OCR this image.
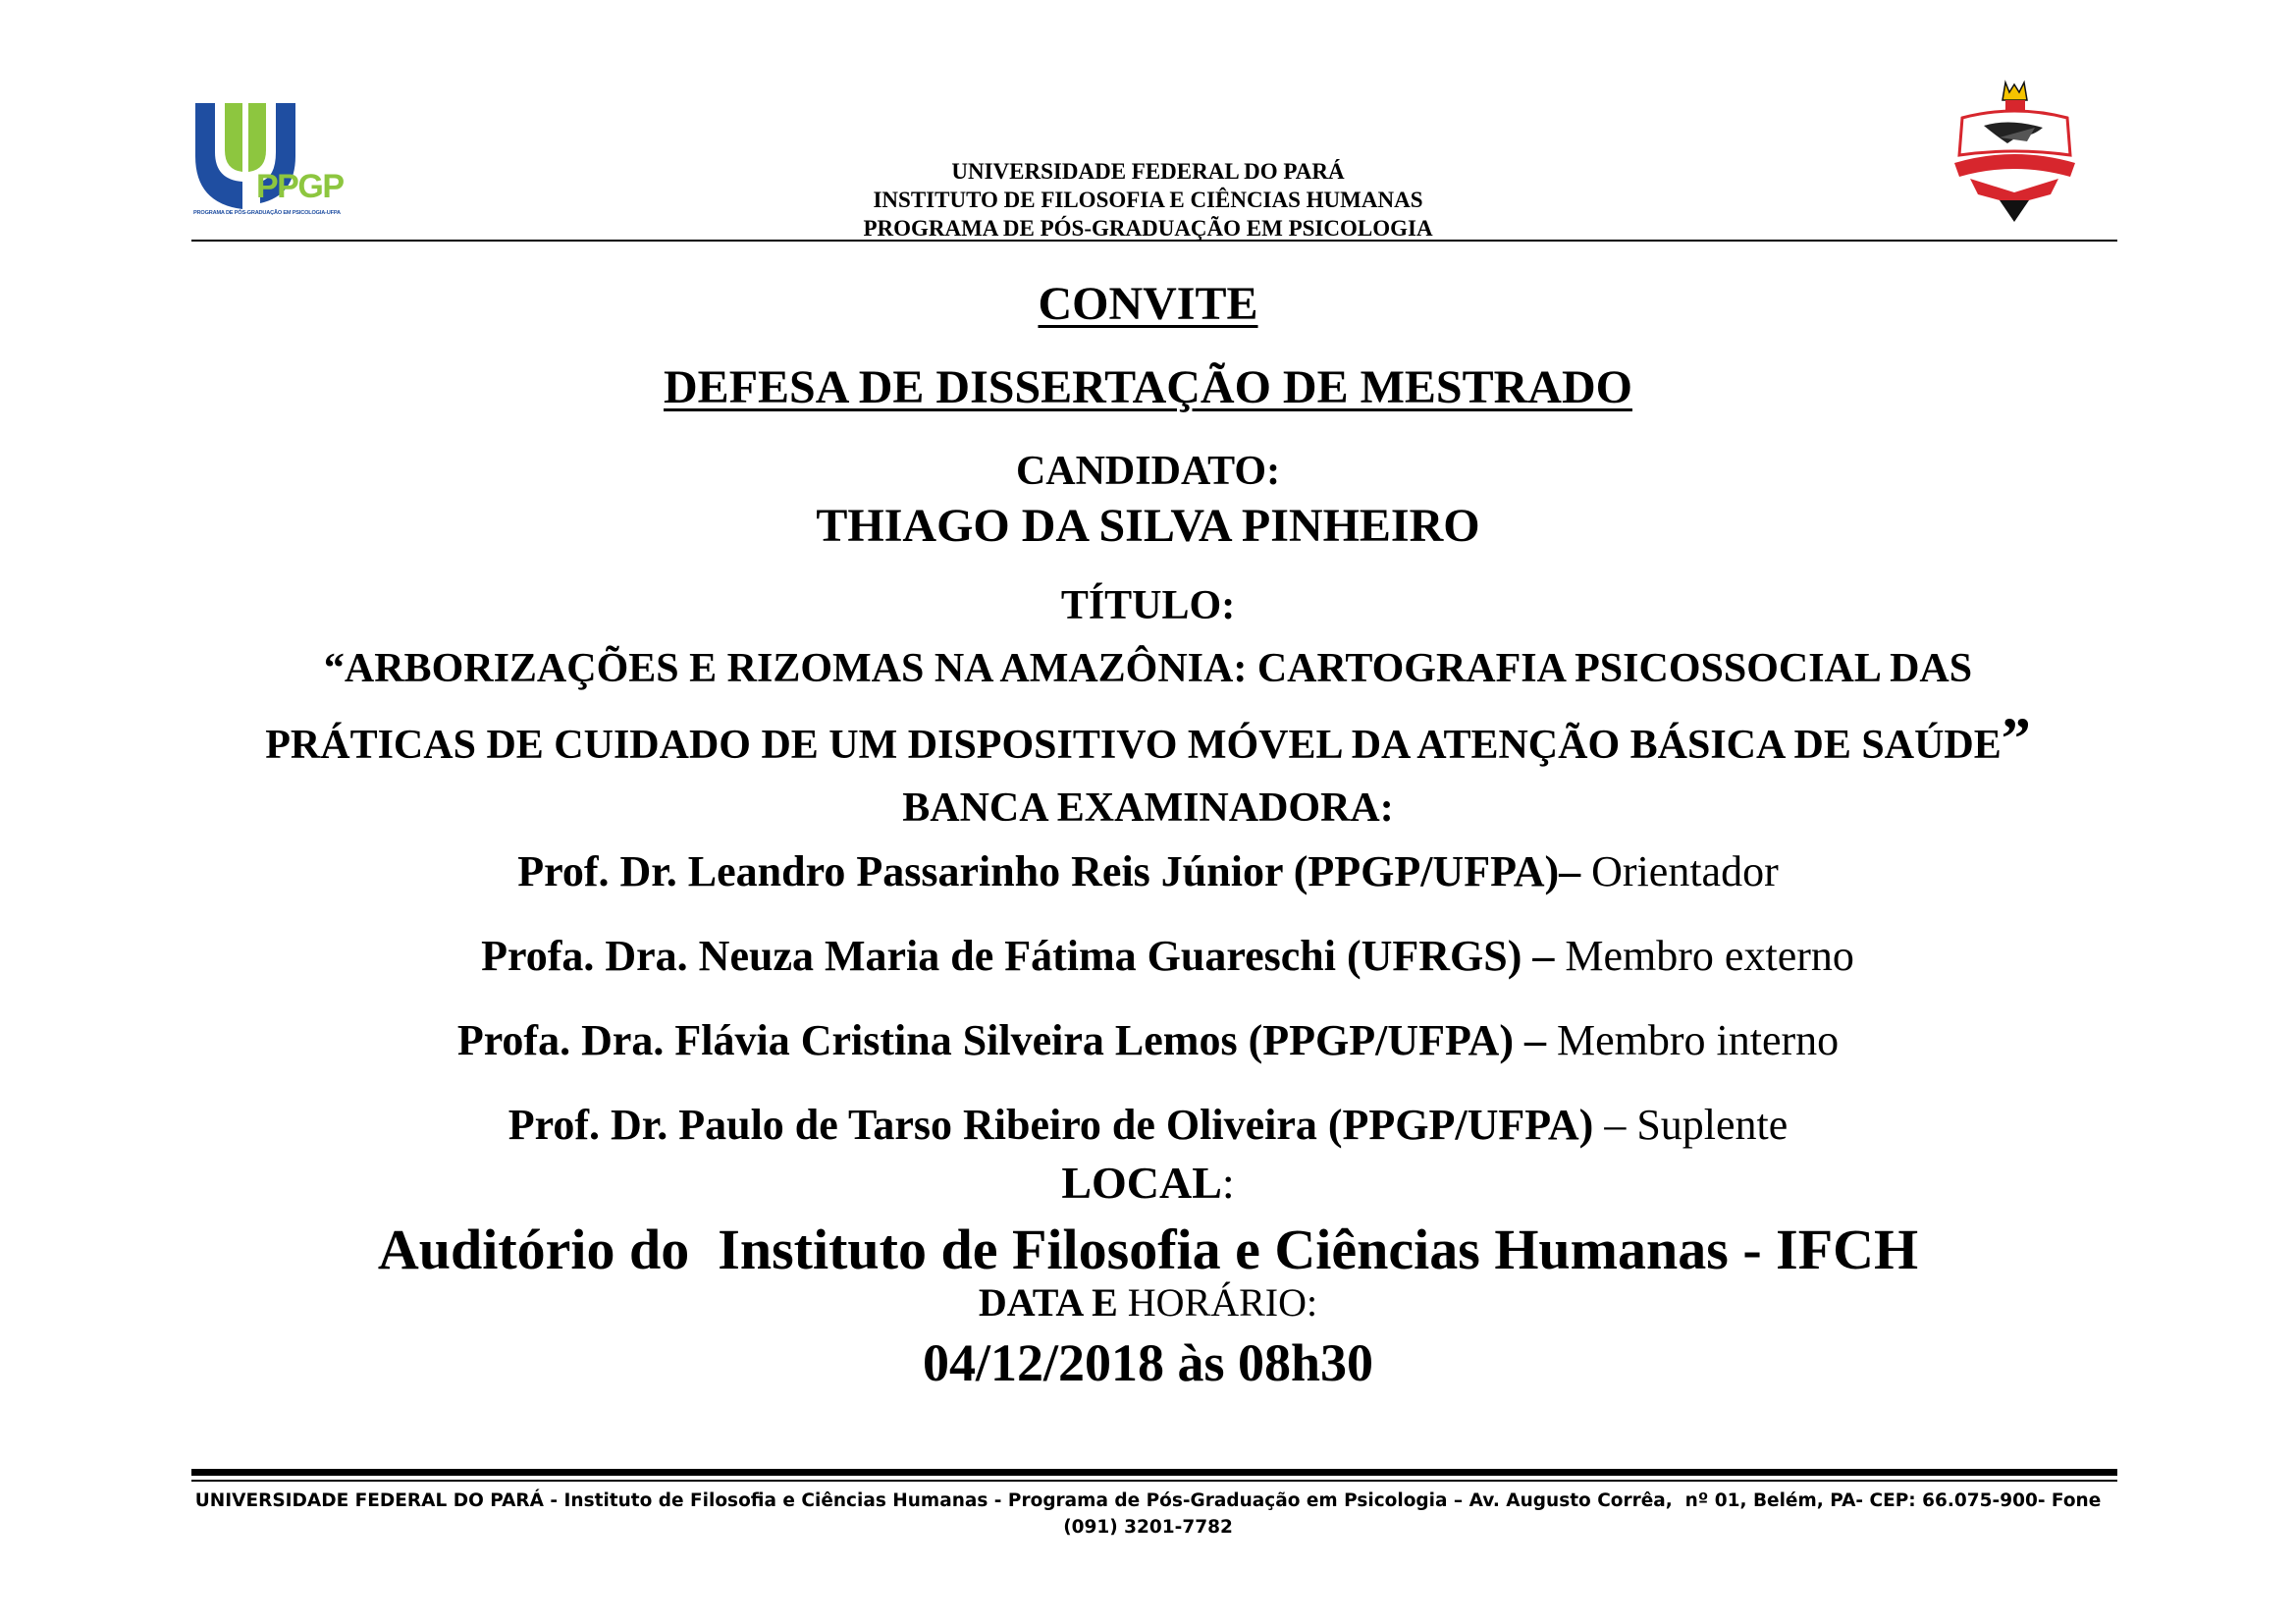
PPGP
PROGRAMA DE PÓS-GRADUAÇÃO EM PSICOLOGIA-UFPA
UNIVERSIDADE FEDERAL DO PARÁ
INSTITUTO DE FILOSOFIA E CIÊNCIAS HUMANAS
PROGRAMA DE PÓS-GRADUAÇÃO EM PSICOLOGIA
CONVITE
DEFESA DE DISSERTAÇÃO DE MESTRADO
CANDIDATO:
THIAGO DA SILVA PINHEIRO
TÍTULO:
“ARBORIZAÇÕES E RIZOMAS NA AMAZÔNIA: CARTOGRAFIA PSICOSSOCIAL DAS
PRÁTICAS DE CUIDADO DE UM DISPOSITIVO MÓVEL DA ATENÇÃO BÁSICA DE SAÚDE”
BANCA EXAMINADORA:
Prof. Dr. Leandro Passarinho Reis Júnior (PPGP/UFPA)– Orientador
Profa. Dra. Neuza Maria de Fátima Guareschi (UFRGS) – Membro externo
Profa. Dra. Flávia Cristina Silveira Lemos (PPGP/UFPA) – Membro interno
Prof. Dr. Paulo de Tarso Ribeiro de Oliveira (PPGP/UFPA) – Suplente
LOCAL:
Auditório do  Instituto de Filosofia e Ciências Humanas - IFCH
DATA E HORÁRIO:
04/12/2018 às 08h30
UNIVERSIDADE FEDERAL DO PARÁ - Instituto de Filosofia e Ciências Humanas - Programa de Pós-Graduação em Psicologia – Av. Augusto Corrêa,  nº 01, Belém, PA- CEP: 66.075-900- Fone
(091) 3201-7782
